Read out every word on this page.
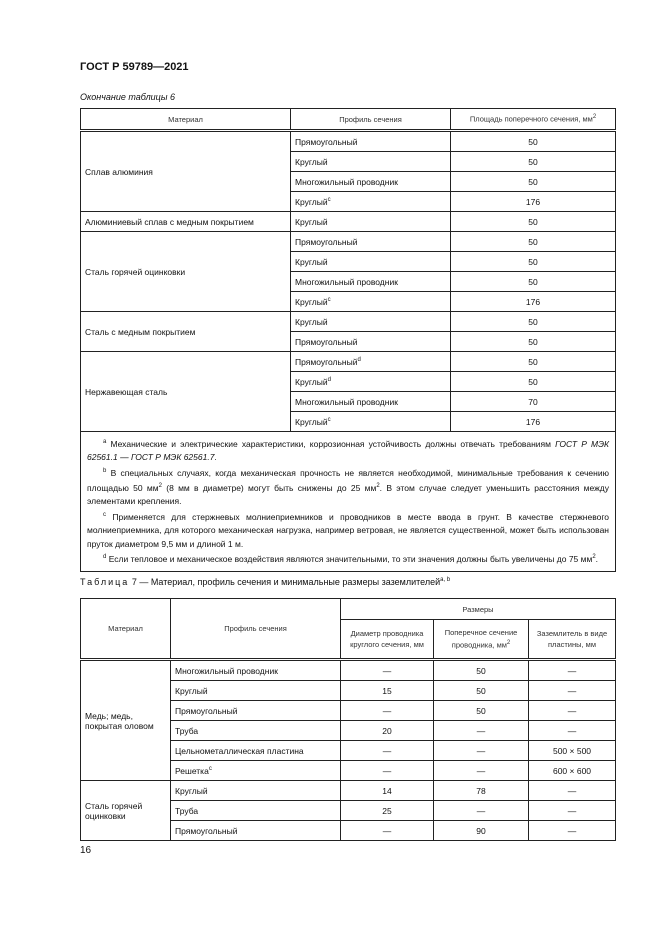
ГОСТ Р 59789—2021
Окончание таблицы 6
Материал	Профиль сечения	Площадь поперечного сечения, $мм^2$
Сплав алюминия	Прямоугольный	50
	Круглый	50
	Многожильный проводник	50
	Круглый$^c$	176
Алюминиевый сплав с медным покрытием	Круглый	50
Сталь горячей оцинковки	Прямоугольный	50
	Круглый	50
	Многожильный проводник	50
	Круглый$^c$	176
Сталь с медным покрытием	Круглый	50
	Прямоугольный	50
Нержавеющая сталь	Прямоугольный$^d$	50
	Круглый$^d$	50
	Многожильный проводник	70
	Круглый$^c$	176

$^a$ Механические и электрические характеристики, коррозионная устойчивость должны отвечать требованиям ГОСТ Р МЭК 62561.1 — ГОСТ Р МЭК 62561.7.

$^b$ В специальных случаях, когда механическая прочность не является необходимой, минимальные требования к сечению площадью 50 $мм^2$ (8 мм в диаметре) могут быть снижены до 25 $мм^2$. В этом случае следует уменьшить расстояния между элементами крепления.

$^c$ Применяется для стержневых молниеприемников и проводников в месте ввода в грунт. В качестве стержневого молниеприемника, для которого механическая нагрузка, например ветровая, не является существенной, может быть использован пруток диаметром 9,5 мм и длиной 1 м.

$^d$ Если тепловое и механическое воздействия являются значительными, то эти значения должны быть увеличены до 75 $мм^2$.		

Таблица 7 — Материал, профиль сечения и минимальные размеры заземлителей$^{a, b}$
Материал	Профиль сечения	Размеры		
		Диаметр проводника круглого сечения, мм	Поперечное сечение проводника, $мм^2$	Заземлитель в виде пластины, мм
Медь; медь, покрытая оловом	Многожильный проводник	—	50	—
	Круглый	15	50	—
	Прямоугольный	—	50	—
	Труба	20	—	—
	Цельнометаллическая пластина	—	—	500 × 500
	Решетка$^c$	—	—	600 × 600
Сталь горячей оцинковки	Круглый	14	78	—
	Труба	25	—	—
	Прямоугольный	—	90	—
16
